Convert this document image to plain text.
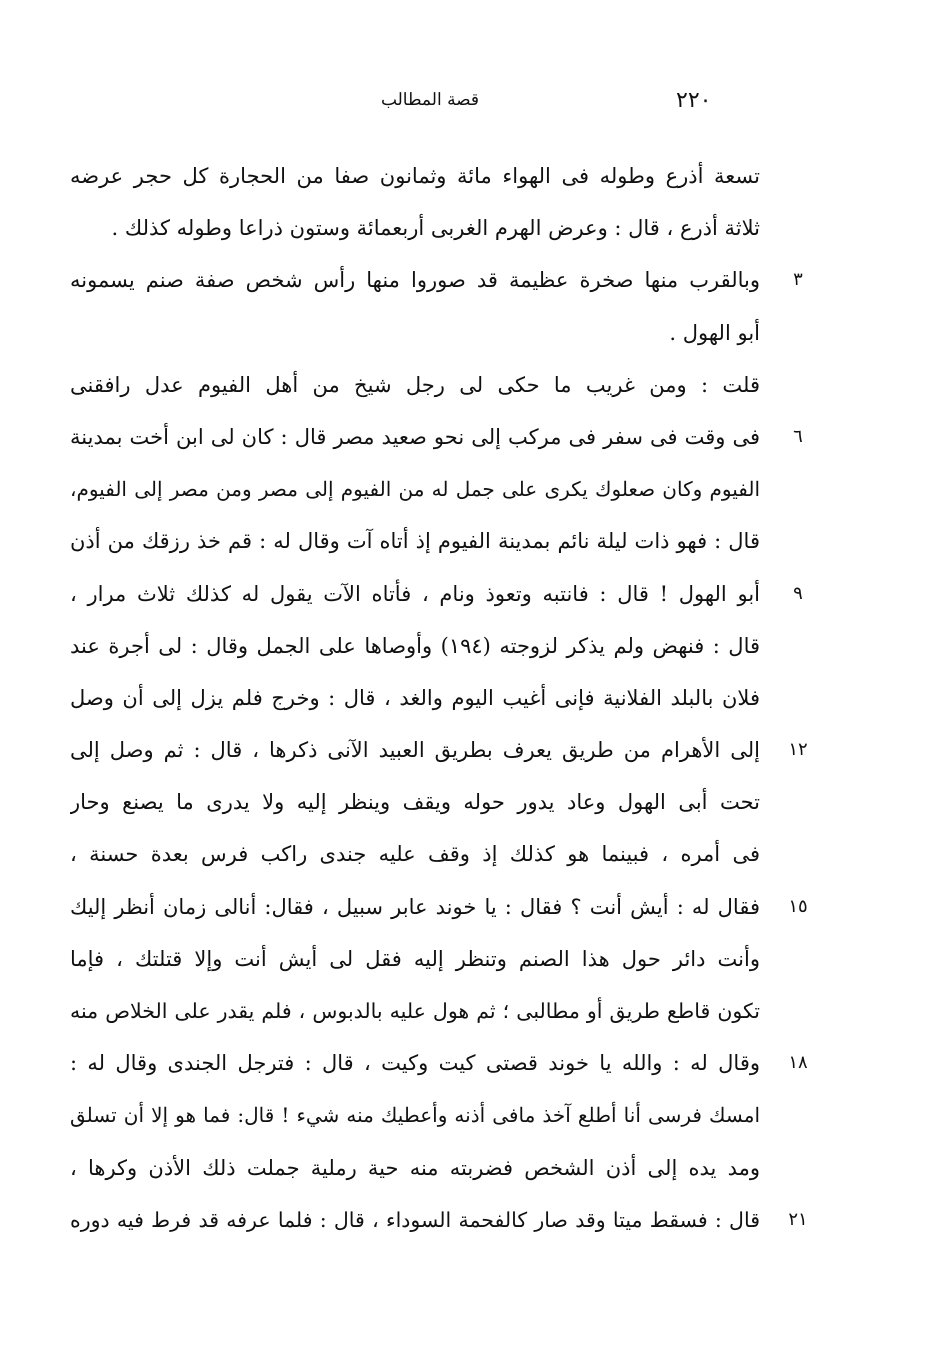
٢٢٠
قصة المطالب
تسعة أذرع وطوله فى الهواء مائة وثمانون صفا من الحجارة كل حجر عرضه
ثلاثة أذرع ، قال : وعرض الهرم الغربى أربعمائة وستون ذراعا وطوله كذلك .
وبالقرب منها صخرة عظيمة قد صوروا منها رأس شخص صفة صنم يسمونه	٣
أبو الهول .
قلت : ومن غريب ما حكى لى رجل شيخ من أهل الفيوم عدل رافقنى
فى وقت فى سفر فى مركب إلى نحو صعيد مصر قال : كان لى ابن أخت بمدينة	٦
الفيوم وكان صعلوك يكرى على جمل له من الفيوم إلى مصر ومن مصر إلى الفيوم،
قال : فهو ذات ليلة نائم بمدينة الفيوم إذ أتاه آت وقال له : قم خذ رزقك من أذن
أبو الهول ! قال : فانتبه وتعوذ ونام ، فأتاه الآت يقول له كذلك ثلاث مرار ،	٩
قال : فنهض ولم يذكر لزوجته (١٩٤) وأوصاها على الجمل وقال : لى أجرة عند
فلان بالبلد الفلانية فإنى أغيب اليوم والغد ، قال : وخرج فلم يزل إلى أن وصل
إلى الأهرام من طريق يعرف بطريق العبيد الآنى ذكرها ، قال : ثم وصل إلى	١٢
تحت أبى الهول وعاد يدور حوله ويقف وينظر إليه ولا يدرى ما يصنع وحار
فى أمره ، فبينما هو كذلك إذ وقف عليه جندى راكب فرس بعدة حسنة ،
فقال له : أيش أنت ؟ فقال : يا خوند عابر سبيل ، فقال: أنالى زمان أنظر إليك	١٥
وأنت دائر حول هذا الصنم وتنظر إليه فقل لى أيش أنت وإلا قتلتك ، فإما
تكون قاطع طريق أو مطالبى ؛ ثم هول عليه بالدبوس ، فلم يقدر على الخلاص منه
وقال له : والله يا خوند قصتى كيت وكيت ، قال : فترجل الجندى وقال له :	١٨
امسك فرسى أنا أطلع آخذ مافى أذنه وأعطيك منه شيء ! قال: فما هو إلا أن تسلق
ومد يده إلى أذن الشخص فضربته منه حية رملية جملت ذلك الأذن وكرها ،
قال : فسقط ميتا وقد صار كالفحمة السوداء ، قال : فلما عرفه قد فرط فيه دوره	٢١
